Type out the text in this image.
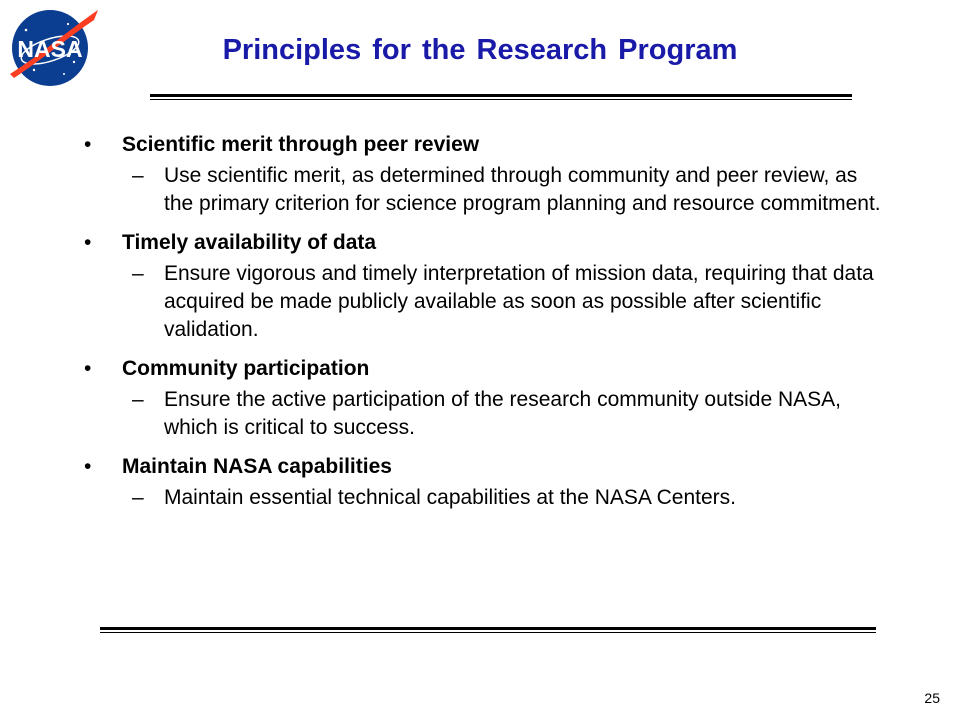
NASA	Principles for the Research Program
• Scientific merit through peer review
– Use scientific merit, as determined through community and peer review, as the primary criterion for science program planning and resource commitment.
• Timely availability of data
– Ensure vigorous and timely interpretation of mission data, requiring that data acquired be made publicly available as soon as possible after scientific validation.
• Community participation
– Ensure the active participation of the research community outside NASA, which is critical to success.
• Maintain NASA capabilities
– Maintain essential technical capabilities at the NASA Centers.
25
